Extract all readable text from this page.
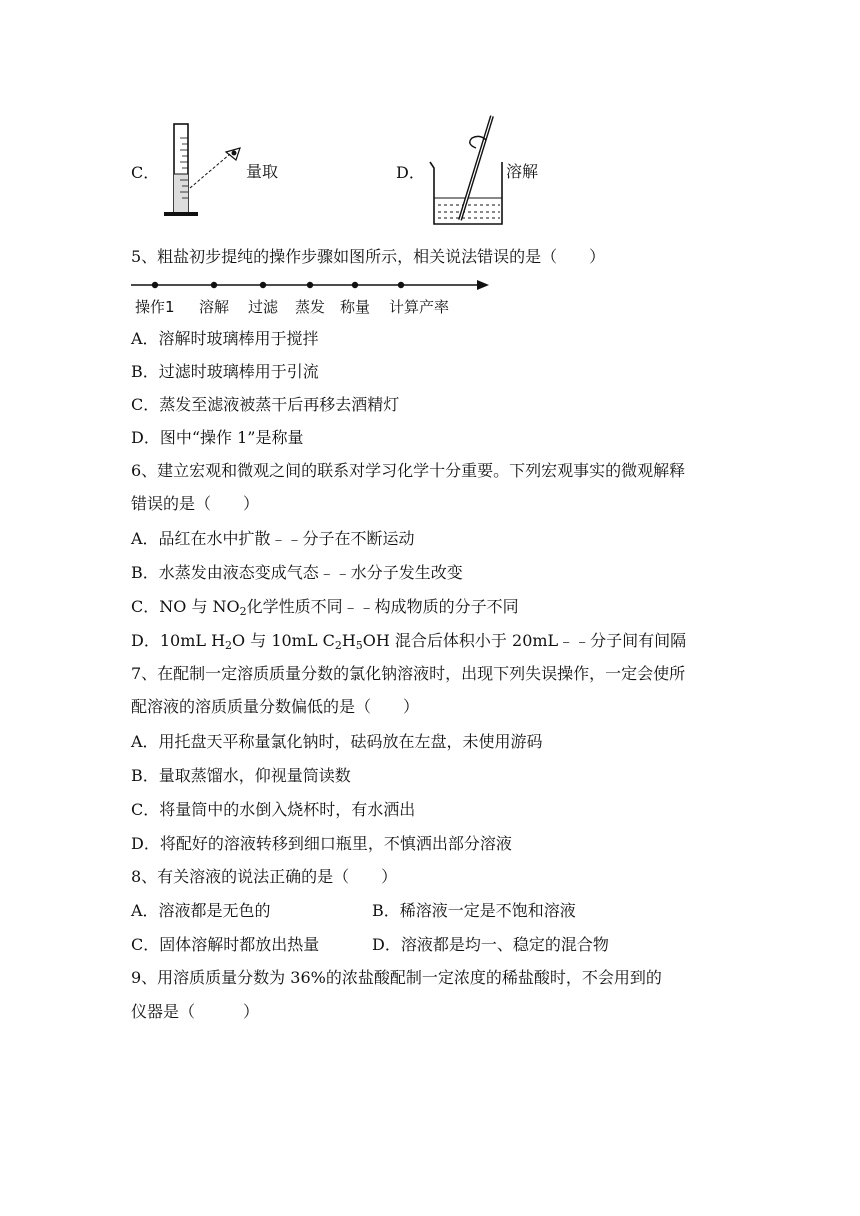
C．	量取	D．	溶解
5、粗盐初步提纯的操作步骤如图所示，相关说法错误的是（　　）
操作1 溶解 过滤 蒸发 称量 计算产率
A．溶解时玻璃棒用于搅拌
B．过滤时玻璃棒用于引流
C．蒸发至滤液被蒸干后再移去酒精灯
D．图中“操作 1”是称量
6、建立宏观和微观之间的联系对学习化学十分重要。下列宏观事实的微观解释
错误的是（　　）
A．品红在水中扩散﹣﹣分子在不断运动
B．水蒸发由液态变成气态﹣﹣水分子发生改变
C．NO 与 $NO_2$化学性质不同﹣﹣构成物质的分子不同
D．10mL $H_2O$ 与 10mL $C_2H_5OH$ 混合后体积小于 20mL﹣﹣分子间有间隔
7、在配制一定溶质质量分数的氯化钠溶液时，出现下列失误操作，一定会使所
配溶液的溶质质量分数偏低的是（　　）
A．用托盘天平称量氯化钠时，砝码放在左盘，未使用游码
B．量取蒸馏水，仰视量筒读数
C．将量筒中的水倒入烧杯时，有水洒出
D．将配好的溶液转移到细口瓶里，不慎洒出部分溶液
8、有关溶液的说法正确的是（　　）
A．溶液都是无色的	B．稀溶液一定是不饱和溶液
C．固体溶解时都放出热量	D．溶液都是均一、稳定的混合物
9、用溶质质量分数为 36%的浓盐酸配制一定浓度的稀盐酸时，不会用到的
仪器是（　　　）
